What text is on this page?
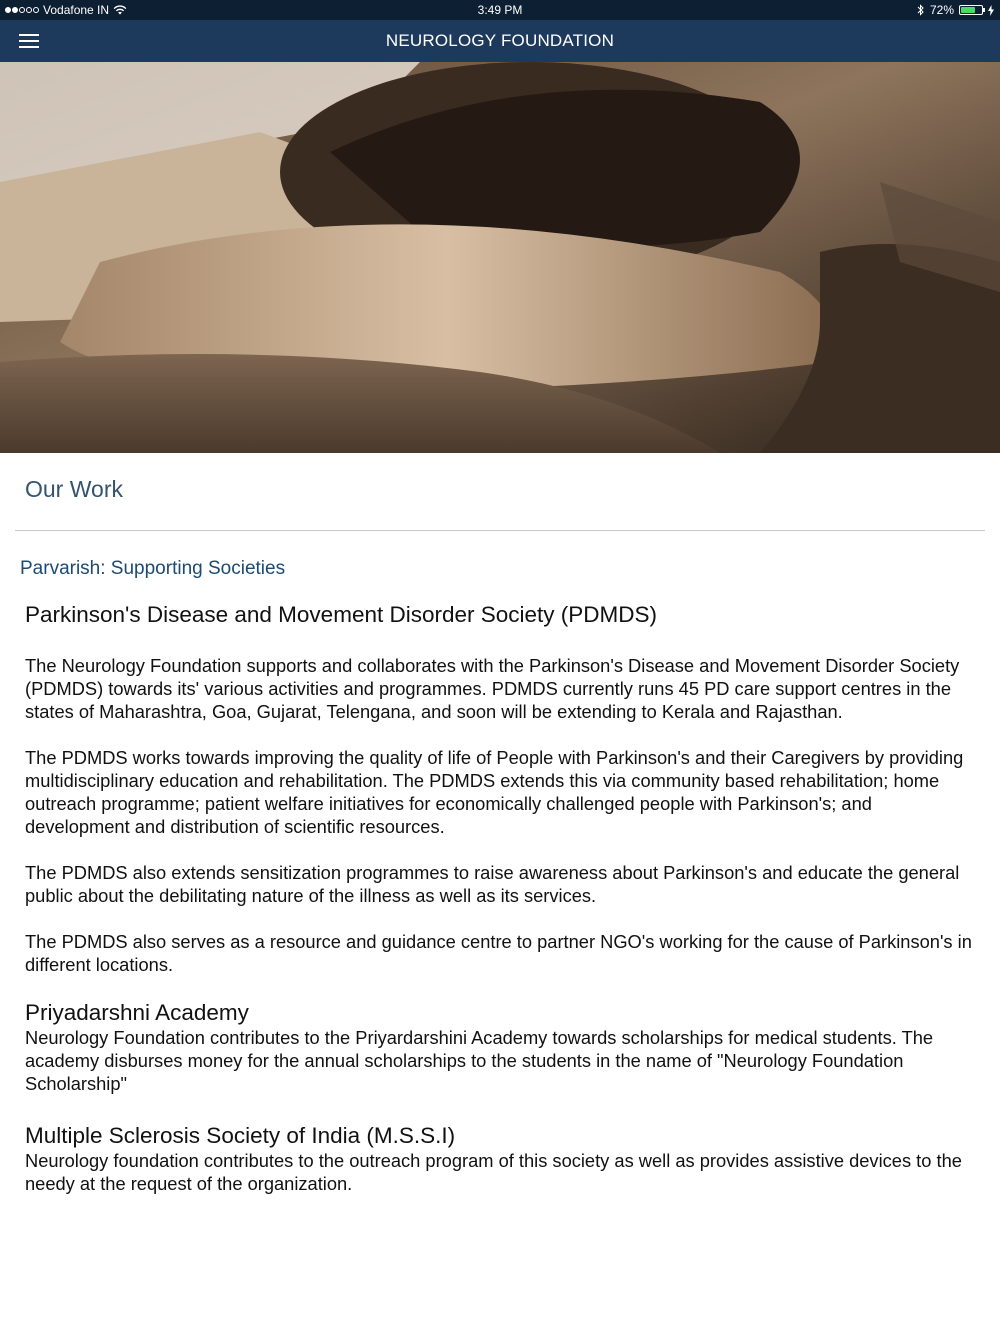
Vodafone IN	3:49 PM	72%
NEUROLOGY FOUNDATION
Our Work
Parvarish: Supporting Societies
Parkinson's Disease and Movement Disorder Society (PDMDS)

The Neurology Foundation supports and collaborates with the Parkinson's Disease and Movement Disorder Society (PDMDS) towards its' various activities and programmes. PDMDS currently runs 45 PD care support centres in the states of Maharashtra, Goa, Gujarat, Telengana, and soon will be extending to Kerala and Rajasthan.

The PDMDS works towards improving the quality of life of People with Parkinson's and their Caregivers by providing multidisciplinary education and rehabilitation. The PDMDS extends this via community based rehabilitation; home outreach programme; patient welfare initiatives for economically challenged people with Parkinson's; and development and distribution of scientific resources.

The PDMDS also extends sensitization programmes to raise awareness about Parkinson's and educate the general public about the debilitating nature of the illness as well as its services.

The PDMDS also serves as a resource and guidance centre to partner NGO's working for the cause of Parkinson's in different locations.

Priyadarshni Academy

Neurology Foundation contributes to the Priyardarshini Academy towards scholarships for medical students. The academy disburses money for the annual scholarships to the students in the name of "Neurology Foundation Scholarship"

Multiple Sclerosis Society of India (M.S.S.I)

Neurology foundation contributes to the outreach program of this society as well as provides assistive devices to the needy at the request of the organization.
